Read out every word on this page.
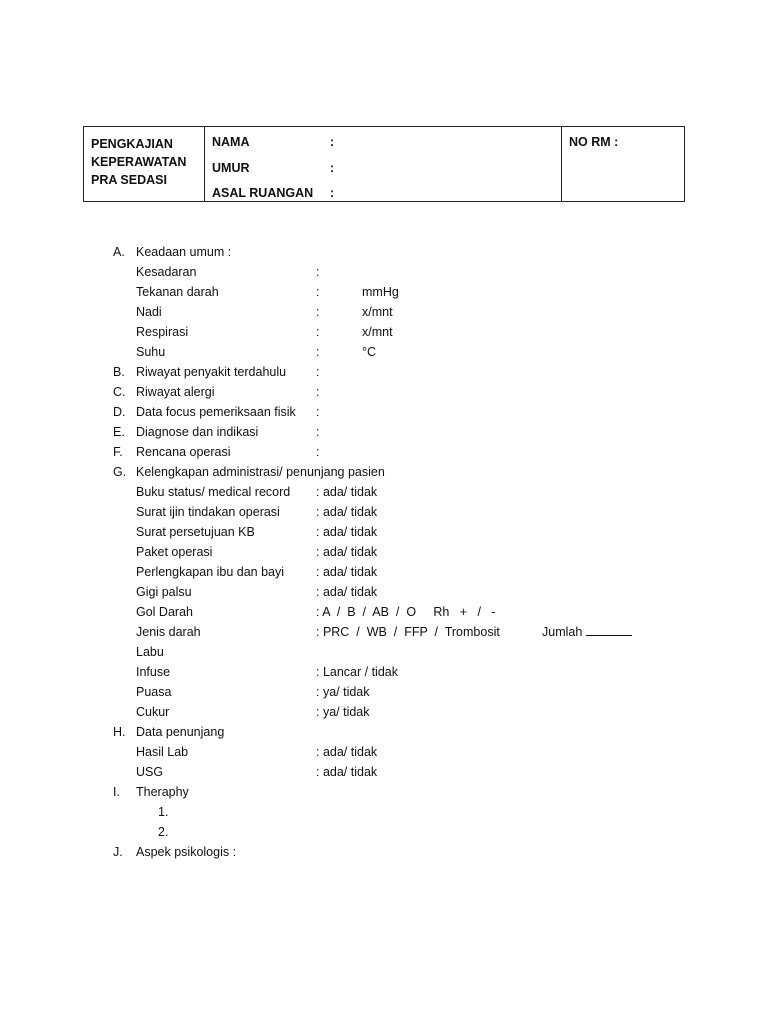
PENGKAJIAN
KEPERAWATAN
PRA SEDASI
NAMA	:
UMUR	:
ASAL RUANGAN :
NO RM :
A. Keadaan umum :
Kesadaran	:
Tekanan darah	:	mmHg
Nadi	:	x/mnt
Respirasi	:	x/mnt
Suhu	:	°C
B. Riwayat penyakit terdahulu :
C. Riwayat alergi	:
D. Data focus pemeriksaan fisik :
E. Diagnose dan indikasi	:
F. Rencana operasi	:
G. Kelengkapan administrasi/ penunjang pasien
Buku status/ medical record : ada/ tidak
Surat ijin tindakan operasi	: ada/ tidak
Surat persetujuan KB	: ada/ tidak
Paket operasi	: ada/ tidak
Perlengkapan ibu dan bayi	: ada/ tidak
Gigi palsu	: ada/ tidak
Gol Darah	: A  /  B  /  AB  /  O     Rh   +   /   -
Jenis darah	: PRC  /  WB  /  FFP  /  Trombosit	Jumlah
Labu
Infuse	: Lancar / tidak
Puasa	: ya/ tidak
Cukur	: ya/ tidak
H. Data penunjang
Hasil Lab	: ada/ tidak
USG	: ada/ tidak
I. Theraphy
1.
2.
J. Aspek psikologis :
